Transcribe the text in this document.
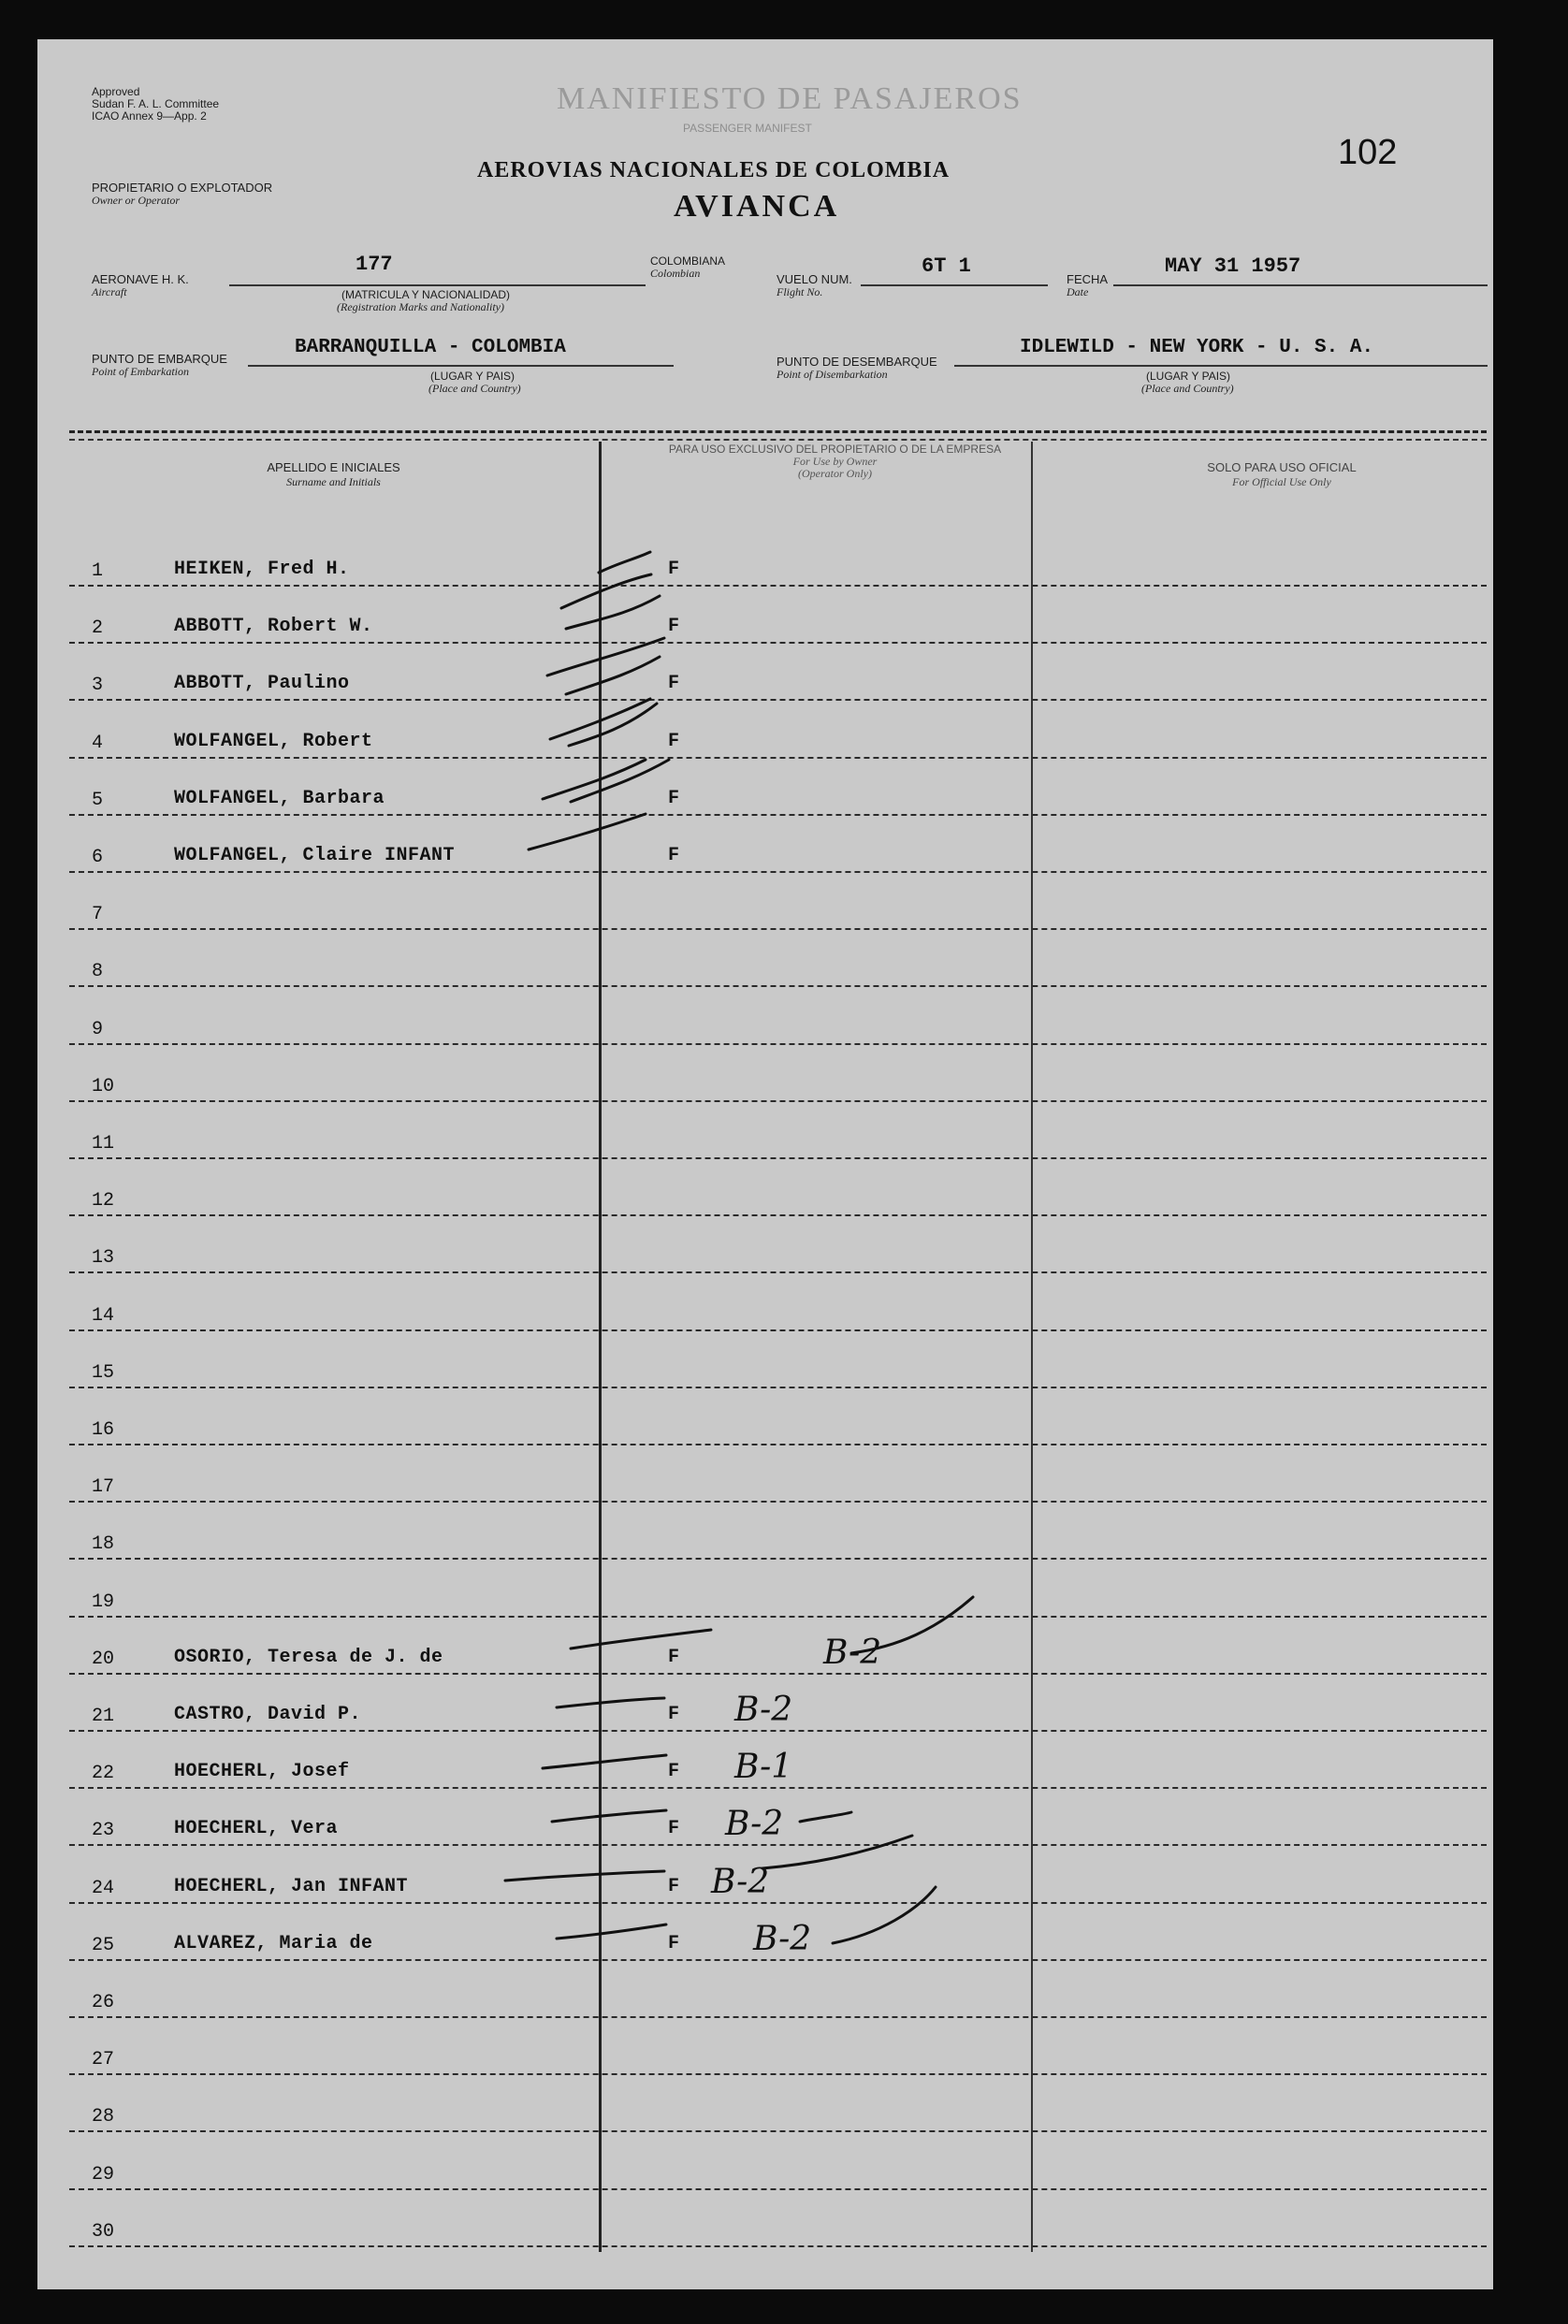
Approved
Sudan F. A. L. Committee
ICAO Annex 9—App. 2	MANIFIESTO DE PASAJEROS
PASSENGER MANIFEST
102
AEROVIAS NACIONALES DE COLOMBIA
AVIANCA
PROPIETARIO O EXPLOTADOR
Owner or Operator
AERONAVE H. K.
Aircraft
177
(MATRICULA Y NACIONALIDAD)
(Registration Marks and Nationality)
COLOMBIANA
Colombian	VUELO NUM.
Flight No.
6T 1
FECHA
Date
MAY 31 1957
PUNTO DE EMBARQUE
Point of Embarkation
BARRANQUILLA - COLOMBIA
(LUGAR Y PAIS)
(Place and Country)
PUNTO DE DESEMBARQUE
Point of Disembarkation
IDLEWILD - NEW YORK - U. S. A.
(LUGAR Y PAIS)
(Place and Country)
APELLIDO E INICIALES
Surname and Initials
PARA USO EXCLUSIVO DEL PROPIETARIO O DE LA EMPRESA
For Use by Owner
(Operator Only)	SOLO PARA USO OFICIAL
For Official Use Only
1	HEIKEN, Fred H.	F
2	ABBOTT, Robert W.	F
3	ABBOTT, Paulino	F
4	WOLFANGEL, Robert	F
5	WOLFANGEL, Barbara	F
6	WOLFANGEL, Claire INFANT	F
7
8
9
10
11
12
13
14
15
16
17
18
19
20	OSORIO, Teresa de J. de	F	B-2
21	CASTRO, David P.	F B-2
22	HOECHERL, Josef	F B-1
23	HOECHERL, Vera	F B-2
24	HOECHERL, Jan INFANT	F B-2
25	ALVAREZ, Maria de	F B-2
26
27
28
29
30
